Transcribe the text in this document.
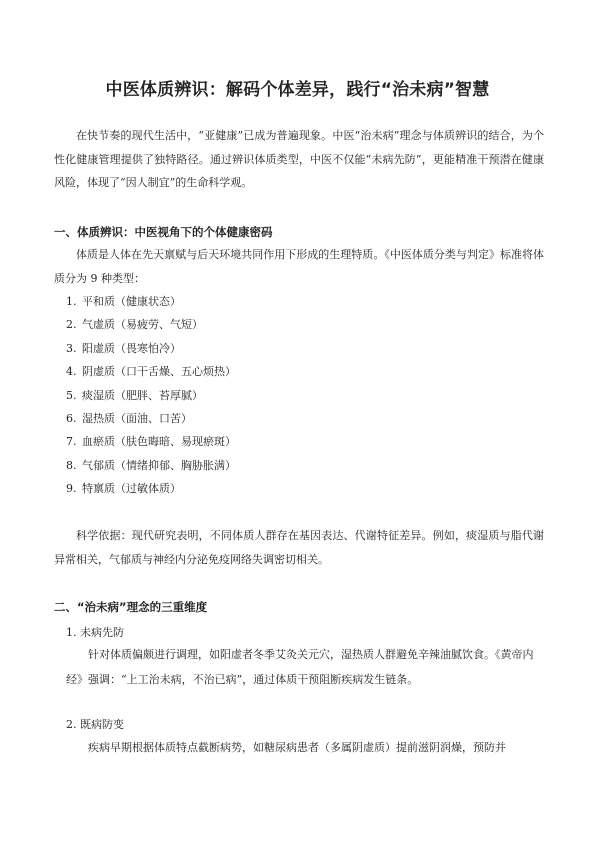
中医体质辨识：解码个体差异，践行“治未病”智慧

在快节奏的现代生活中，“亚健康”已成为普遍现象。中医“治未病”理念与体质辨识的结合，为个性化健康管理提供了独特路径。通过辨识体质类型，中医不仅能“未病先防”，更能精准干预潜在健康风险，体现了“因人制宜”的生命科学观。

一、体质辨识：中医视角下的个体健康密码

体质是人体在先天禀赋与后天环境共同作用下形成的生理特质。《中医体质分类与判定》标准将体质分为 9 种类型：

1. 平和质（健康状态）
2. 气虚质（易疲劳、气短）
3. 阳虚质（畏寒怕冷）
4. 阴虚质（口干舌燥、五心烦热）
5. 痰湿质（肥胖、苔厚腻）
6. 湿热质（面油、口苦）
7. 血瘀质（肤色晦暗、易现瘀斑）
8. 气郁质（情绪抑郁、胸胁胀满）
9. 特禀质（过敏体质）

科学依据：现代研究表明，不同体质人群存在基因表达、代谢特征差异。例如，痰湿质与脂代谢异常相关，气郁质与神经内分泌免疫网络失调密切相关。

二、“治未病”理念的三重维度
1. 未病先防

针对体质偏颇进行调理，如阳虚者冬季艾灸关元穴，湿热质人群避免辛辣油腻饮食。《黄帝内经》强调：“上工治未病，不治已病”，通过体质干预阻断疾病发生链条。

2. 既病防变

疾病早期根据体质特点截断病势，如糖尿病患者（多属阴虚质）提前滋阴润燥，预防并
